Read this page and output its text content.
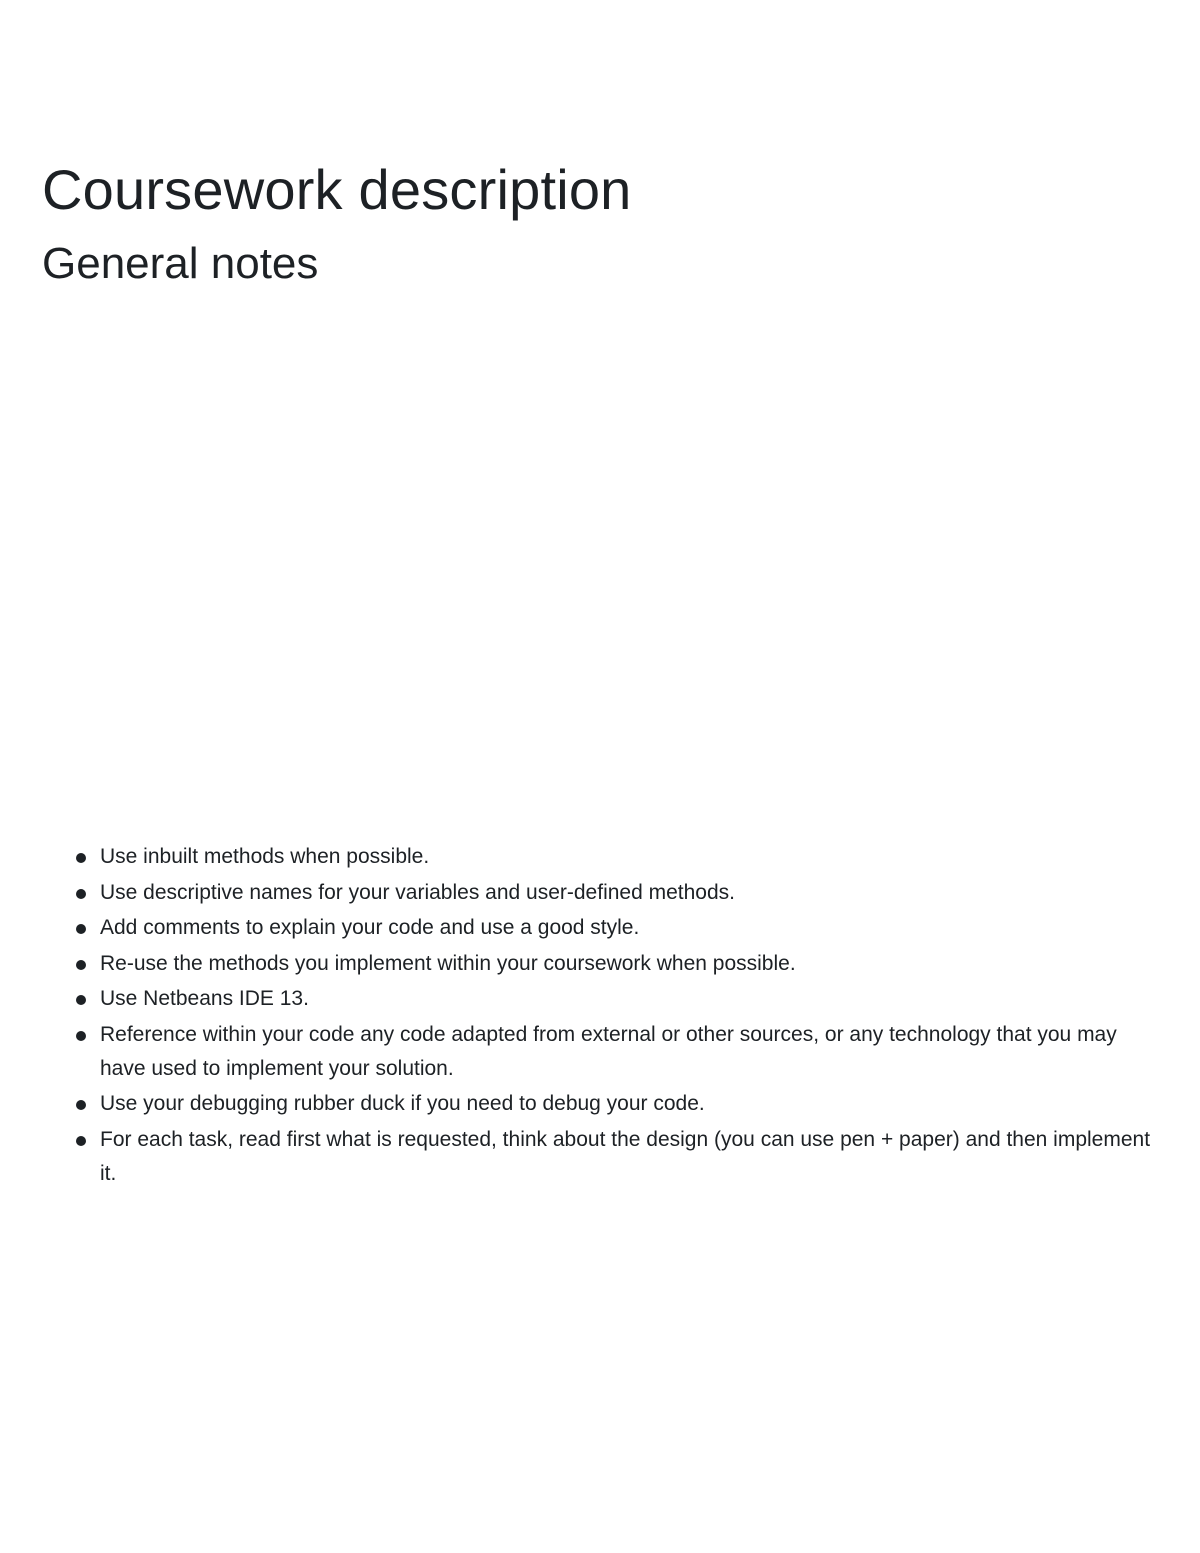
Coursework description
General notes
Use inbuilt methods when possible.
Use descriptive names for your variables and user-defined methods.
Add comments to explain your code and use a good style.
Re-use the methods you implement within your coursework when possible.
Use Netbeans IDE 13.
Reference within your code any code adapted from external or other sources, or any technology that you may have used to implement your solution.
Use your debugging rubber duck if you need to debug your code.
For each task, read first what is requested, think about the design (you can use pen + paper) and then implement it.
